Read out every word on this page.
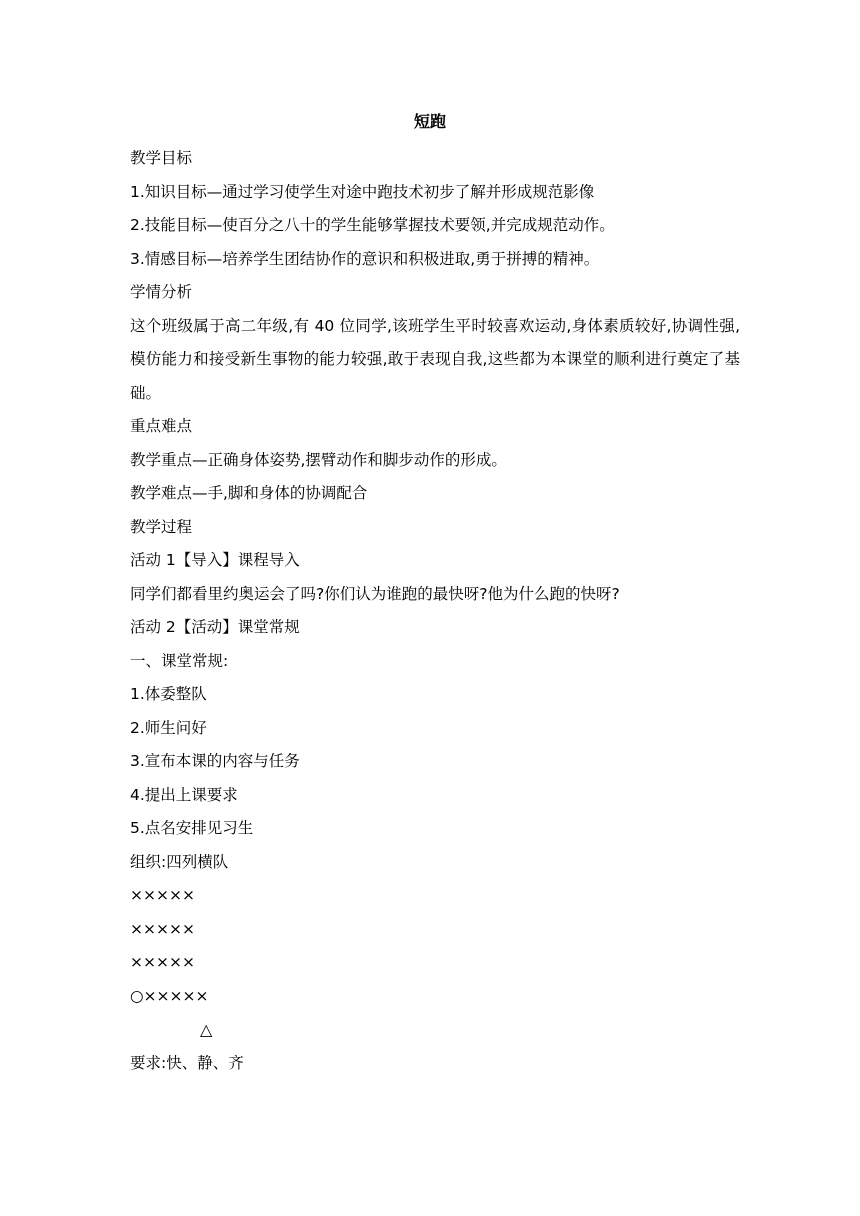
短跑

教学目标

1.知识目标—通过学习使学生对途中跑技术初步了解并形成规范影像

2.技能目标—使百分之八十的学生能够掌握技术要领,并完成规范动作。

3.情感目标—培养学生团结协作的意识和积极进取,勇于拼搏的精神。

学情分析

这个班级属于高二年级,有 40 位同学,该班学生平时较喜欢运动,身体素质较好,协调性强,模仿能力和接受新生事物的能力较强,敢于表现自我,这些都为本课堂的顺利进行奠定了基础。

重点难点

教学重点—正确身体姿势,摆臂动作和脚步动作的形成。

教学难点—手,脚和身体的协调配合

教学过程

活动 1【导入】课程导入

同学们都看里约奥运会了吗?你们认为谁跑的最快呀?他为什么跑的快呀?

活动 2【活动】课堂常规

一、课堂常规:

1.体委整队

2.师生问好

3.宣布本课的内容与任务

4.提出上课要求

5.点名安排见习生

组织:四列横队

×××××

×××××

×××××

○×××××

△

要求:快、静、齐
